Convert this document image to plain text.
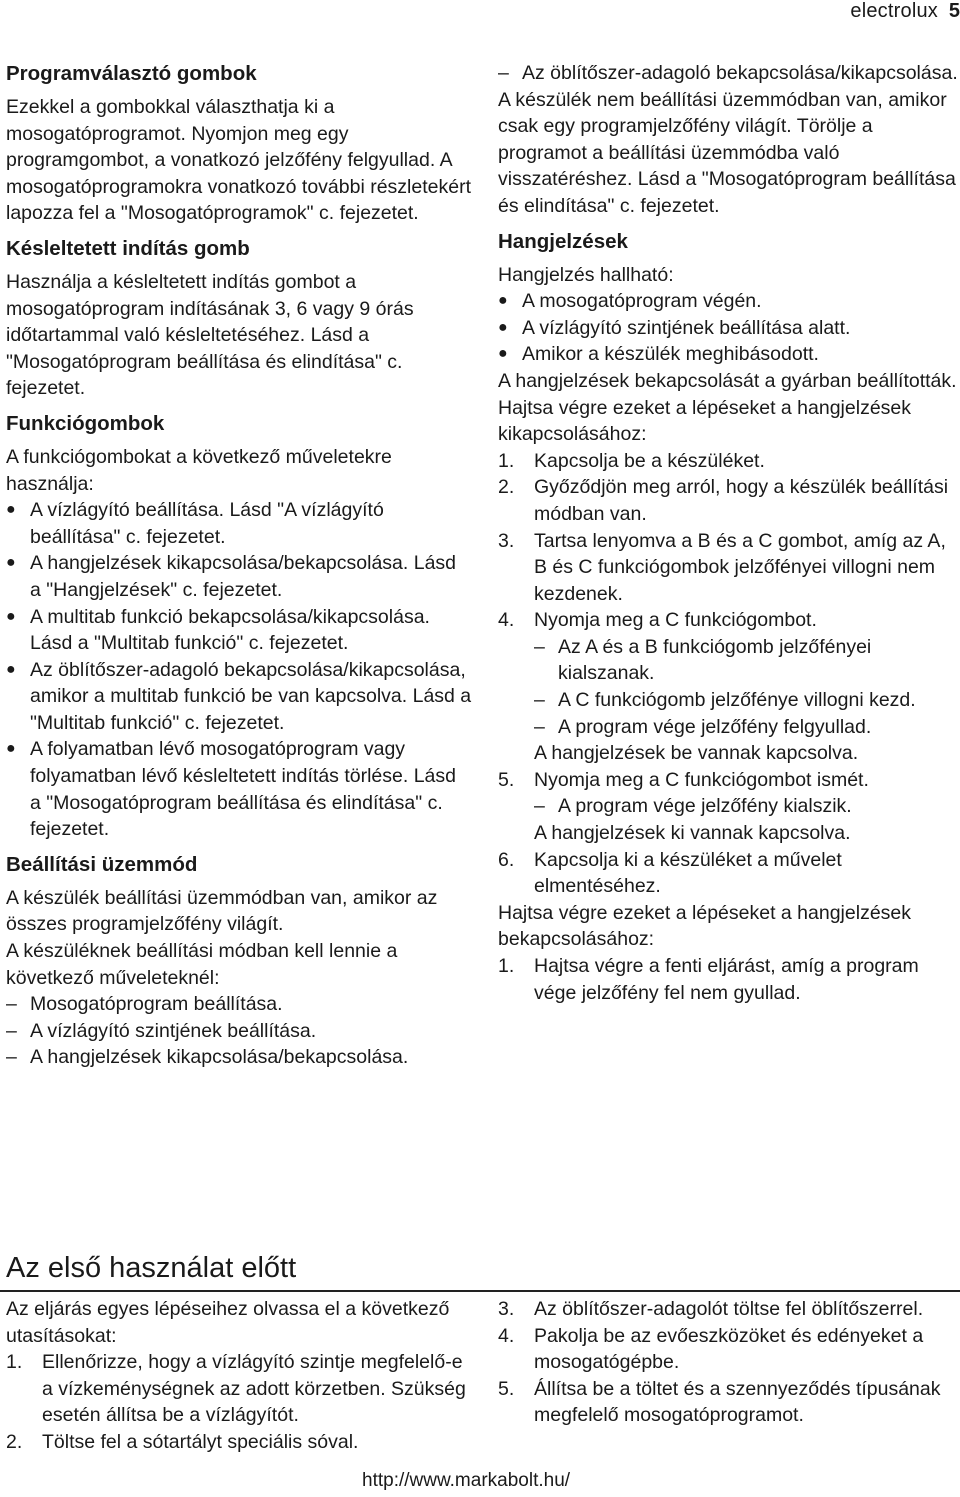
electrolux 5
Programválasztó gombok

Ezekkel a gombokkal választhatja ki a mosogatóprogramot. Nyomjon meg egy programgombot, a vonatkozó jelzőfény felgyullad. A mosogatóprogramokra vonatkozó további részletekért lapozza fel a "Mosogatóprogramok" c. fejezetet.

Késleltetett indítás gomb

Használja a késleltetett indítás gombot a mosogatóprogram indításának 3, 6 vagy 9 órás időtartammal való késleltetéséhez. Lásd a "Mosogatóprogram beállítása és elindítása" c. fejezetet.

Funkciógombok

A funkciógombokat a következő műveletekre használja:

● A vízlágyító beállítása. Lásd "A vízlágyító beállítása" c. fejezetet.
● A hangjelzések kikapcsolása/bekapcsolása. Lásd a "Hangjelzések" c. fejezetet.
● A multitab funkció bekapcsolása/kikapcsolása. Lásd a "Multitab funkció" c. fejezetet.
● Az öblítőszer-adagoló bekapcsolása/kikapcsolása, amikor a multitab funkció be van kapcsolva. Lásd a "Multitab funkció" c. fejezetet.
● A folyamatban lévő mosogatóprogram vagy folyamatban lévő késleltetett indítás törlése. Lásd a "Mosogatóprogram beállítása és elindítása" c. fejezetet.
Beállítási üzemmód

A készülék beállítási üzemmódban van, amikor az összes programjelzőfény világít.

A készüléknek beállítási módban kell lennie a következő műveleteknél:

– Mosogatóprogram beállítása.
– A vízlágyító szintjének beállítása.
– A hangjelzések kikapcsolása/bekapcsolása.
– Az öblítőszer-adagoló bekapcsolása/kikapcsolása.

A készülék nem beállítási üzemmódban van, amikor csak egy programjelzőfény világít. Törölje a programot a beállítási üzemmódba való visszatéréshez. Lásd a "Mosogatóprogram beállítása és elindítása" c. fejezetet.

Hangjelzések

Hangjelzés hallható:

● A mosogatóprogram végén.
● A vízlágyító szintjének beállítása alatt.
● Amikor a készülék meghibásodott.

A hangjelzések bekapcsolását a gyárban beállították.

Hajtsa végre ezeket a lépéseket a hangjelzések kikapcsolásához:

1. Kapcsolja be a készüléket.
2. Győződjön meg arról, hogy a készülék beállítási módban van.
3. Tartsa lenyomva a B és a C gombot, amíg az A, B és C funkciógombok jelzőfényei villogni nem kezdenek.
4. Nyomja meg a C funkciógombot.
– Az A és a B funkciógomb jelzőfényei kialszanak.
– A C funkciógomb jelzőfénye villogni kezd.
– A program vége jelzőfény felgyullad.
A hangjelzések be vannak kapcsolva.
5. Nyomja meg a C funkciógombot ismét.
– A program vége jelzőfény kialszik.
A hangjelzések ki vannak kapcsolva.
6. Kapcsolja ki a készüléket a művelet elmentéséhez.

Hajtsa végre ezeket a lépéseket a hangjelzések bekapcsolásához:

1. Hajtsa végre a fenti eljárást, amíg a program vége jelzőfény fel nem gyullad.
Az első használat előtt

Az eljárás egyes lépéseihez olvassa el a következő utasításokat:

1. Ellenőrizze, hogy a vízlágyító szintje megfelelő-e a vízkeménységnek az adott körzetben. Szükség esetén állítsa be a vízlágyítót.
2. Töltse fel a sótartályt speciális sóval.
3. Az öblítőszer-adagolót töltse fel öblítőszerrel.
4. Pakolja be az evőeszközöket és edényeket a mosogatógépbe.
5. Állítsa be a töltet és a szennyeződés típusának megfelelő mosogatóprogramot.
http://www.markabolt.hu/
